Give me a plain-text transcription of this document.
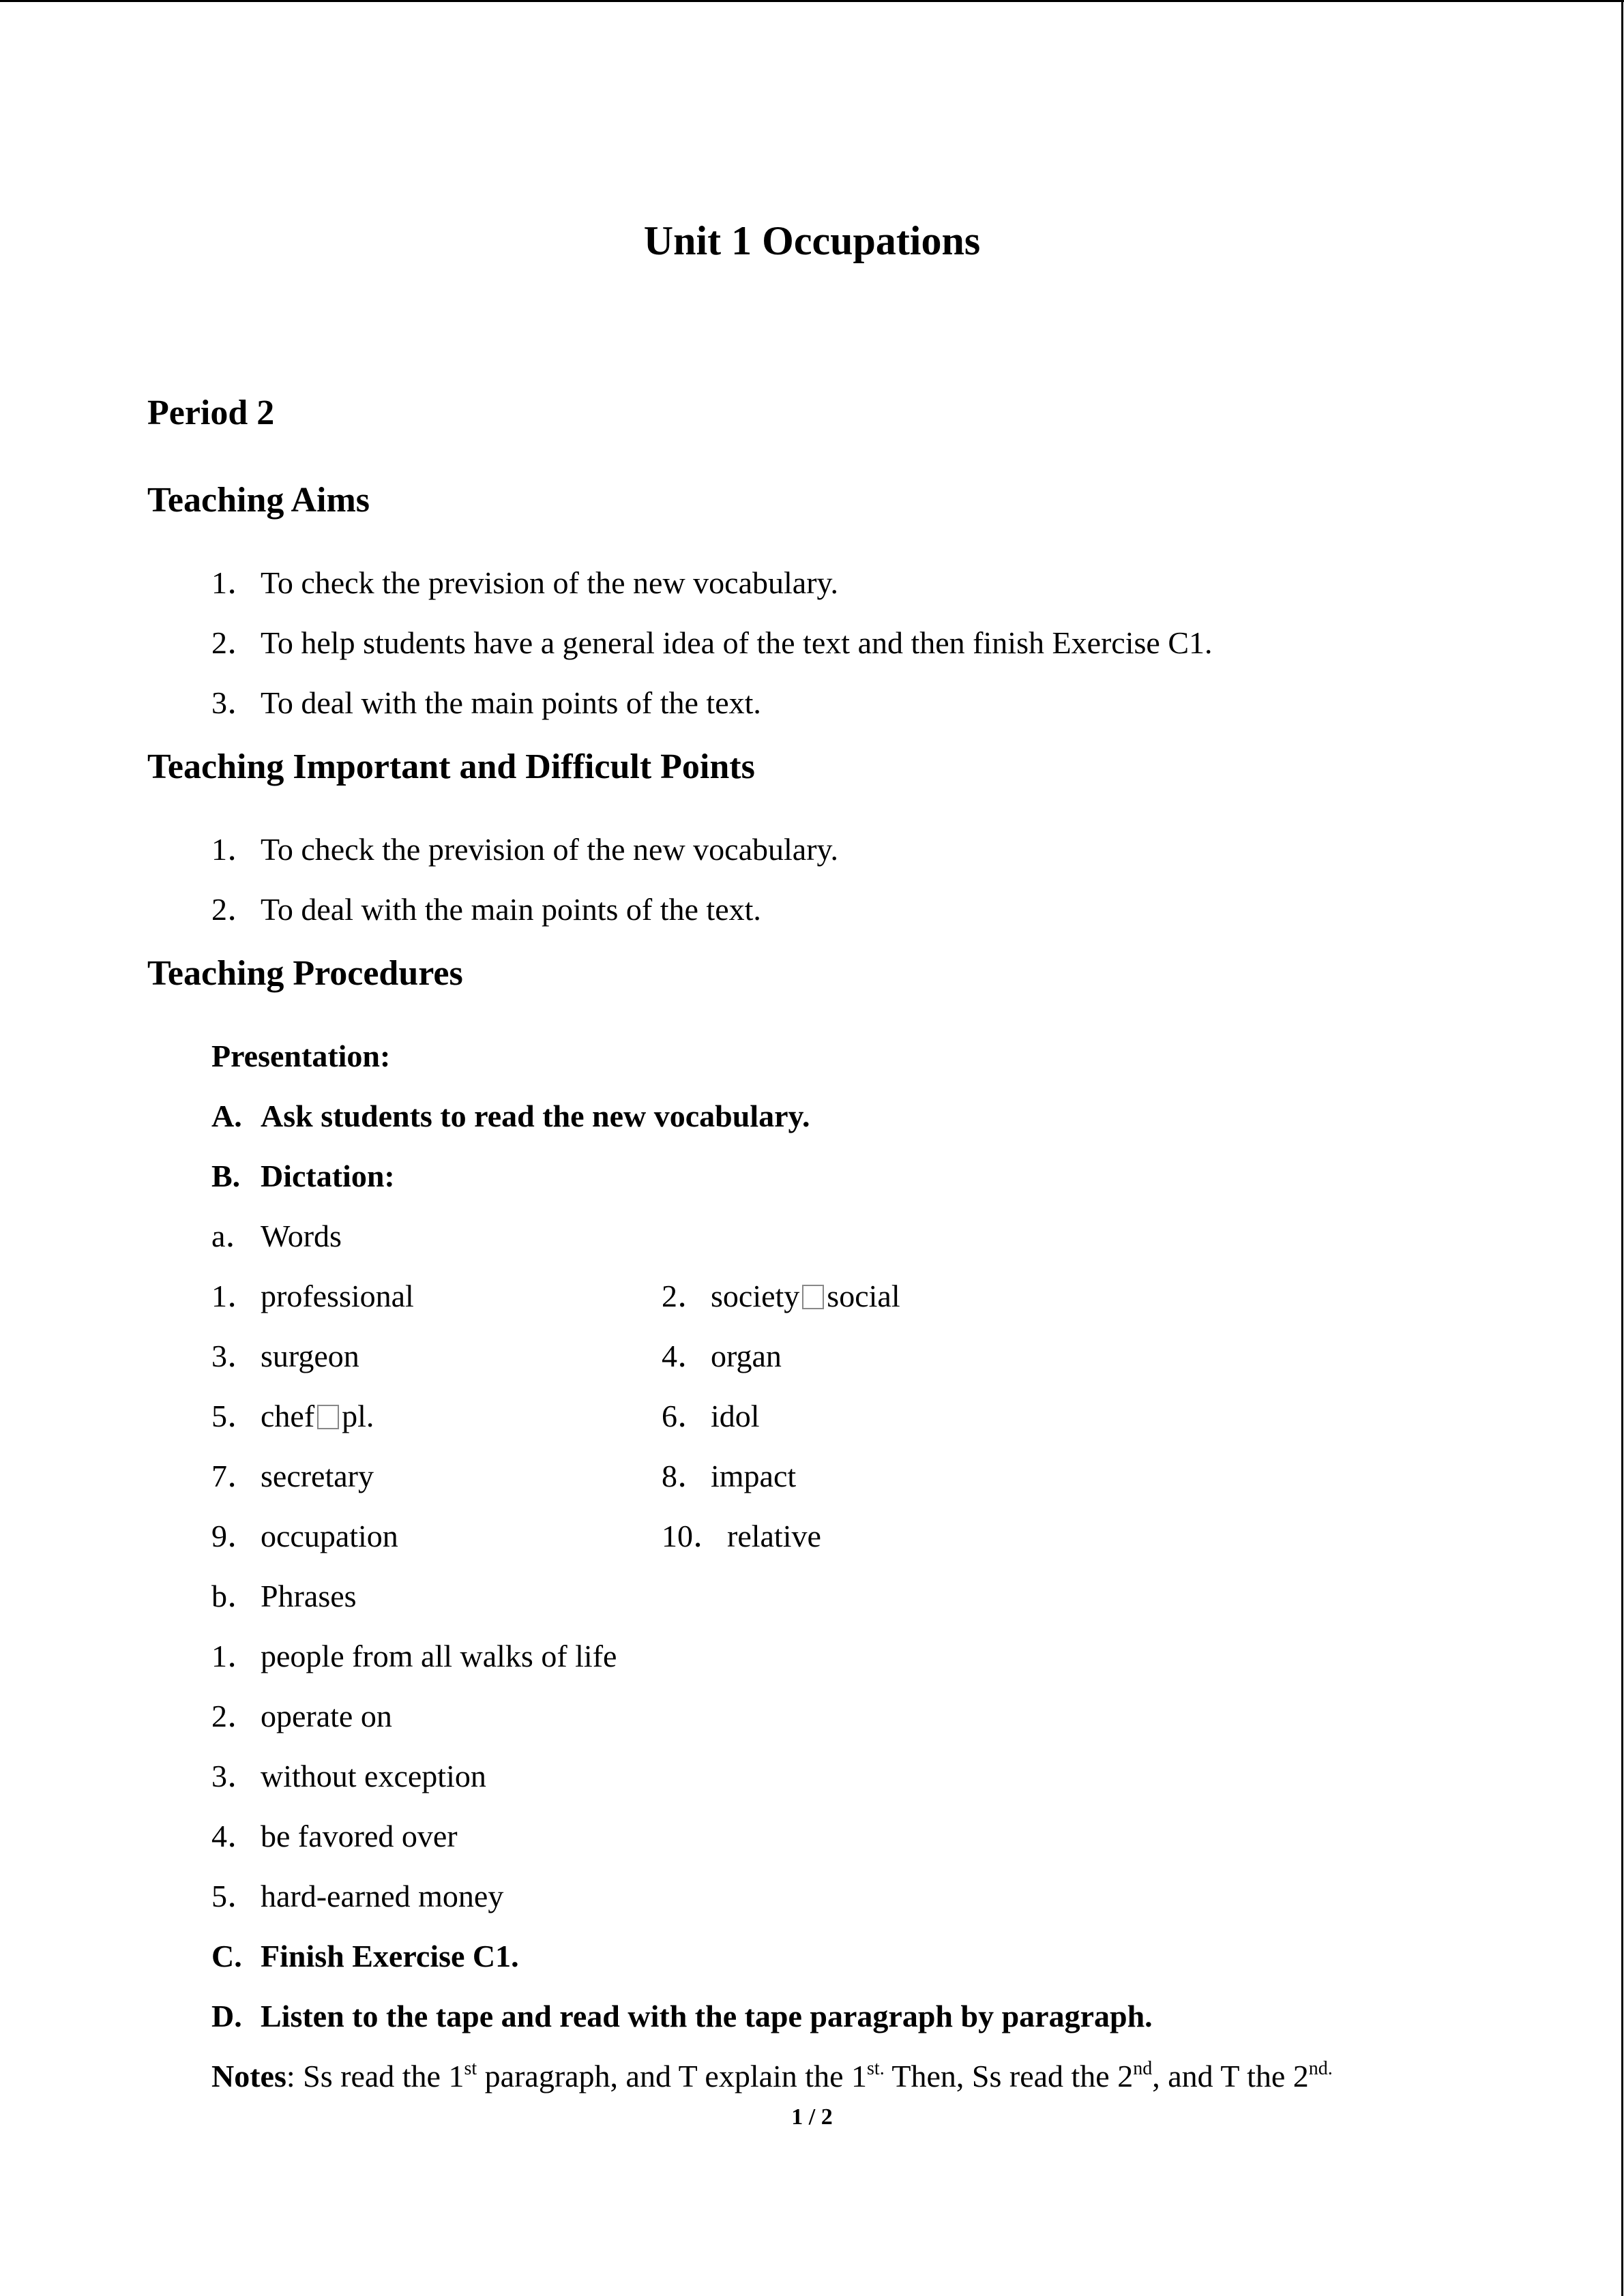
Unit 1 Occupations
Period 2
Teaching Aims
1． To check the prevision of the new vocabulary.
2． To help students have a general idea of the text and then finish Exercise C1.
3． To deal with the main points of the text.
Teaching Important and Difficult Points
1． To check the prevision of the new vocabulary.
2． To deal with the main points of the text.
Teaching Procedures
Presentation:
A. Ask students to read the new vocabulary.
B. Dictation:
a． Words
1． professional	2． society social
3． surgeon	4． organ
5． chef pl.	6． idol
7． secretary	8． impact
9． occupation	10． relative
b． Phrases
1． people from all walks of life
2． operate on
3． without exception
4． be favored over
5． hard-earned money
C. Finish Exercise C1.
D. Listen to the tape and read with the tape paragraph by paragraph.
Notes: Ss read the 1st paragraph, and T explain the $1^{st.}$ Then, Ss read the 2nd, and T the $2^{nd.}$
1 / 2
